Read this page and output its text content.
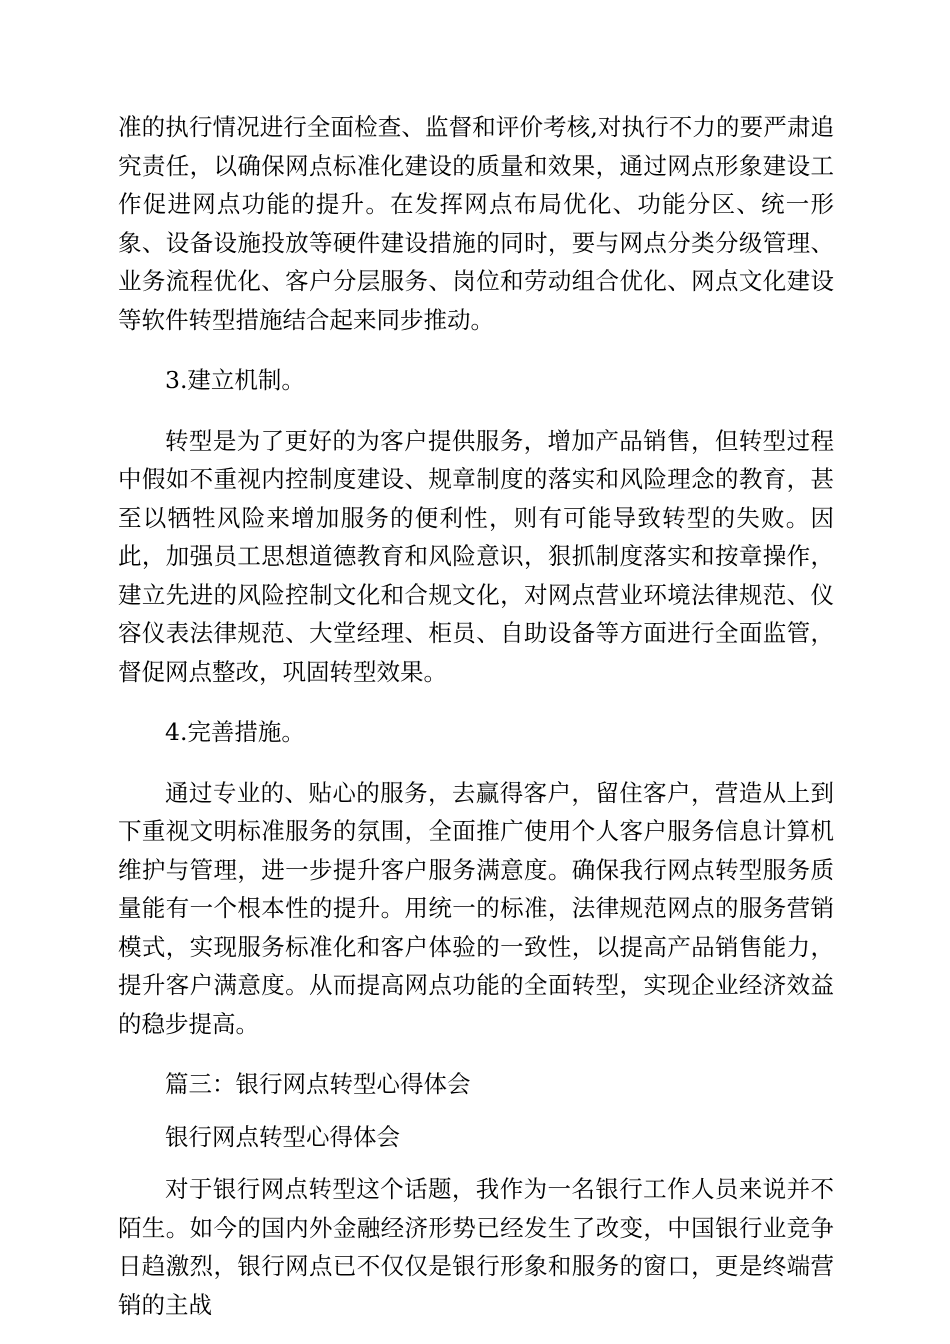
准的执行情况进行全面检查、监督和评价考核,对执行不力的要严肃追究责任，以确保网点标准化建设的质量和效果，通过网点形象建设工作促进网点功能的提升。在发挥网点布局优化、功能分区、统一形象、设备设施投放等硬件建设措施的同时，要与网点分类分级管理、业务流程优化、客户分层服务、岗位和劳动组合优化、网点文化建设等软件转型措施结合起来同步推动。

3.建立机制。

转型是为了更好的为客户提供服务，增加产品销售，但转型过程中假如不重视内控制度建设、规章制度的落实和风险理念的教育，甚至以牺牲风险来增加服务的便利性，则有可能导致转型的失败。因此，加强员工思想道德教育和风险意识，狠抓制度落实和按章操作，建立先进的风险控制文化和合规文化，对网点营业环境法律规范、仪容仪表法律规范、大堂经理、柜员、自助设备等方面进行全面监管，督促网点整改，巩固转型效果。

4.完善措施。

通过专业的、贴心的服务，去赢得客户，留住客户，营造从上到下重视文明标准服务的氛围，全面推广使用个人客户服务信息计算机维护与管理，进一步提升客户服务满意度。确保我行网点转型服务质量能有一个根本性的提升。用统一的标准，法律规范网点的服务营销模式，实现服务标准化和客户体验的一致性，以提高产品销售能力，提升客户满意度。从而提高网点功能的全面转型，实现企业经济效益的稳步提高。

篇三：银行网点转型心得体会

银行网点转型心得体会

对于银行网点转型这个话题，我作为一名银行工作人员来说并不陌生。如今的国内外金融经济形势已经发生了改变，中国银行业竞争日趋激烈，银行网点已不仅仅是银行形象和服务的窗口，更是终端营销的主战
